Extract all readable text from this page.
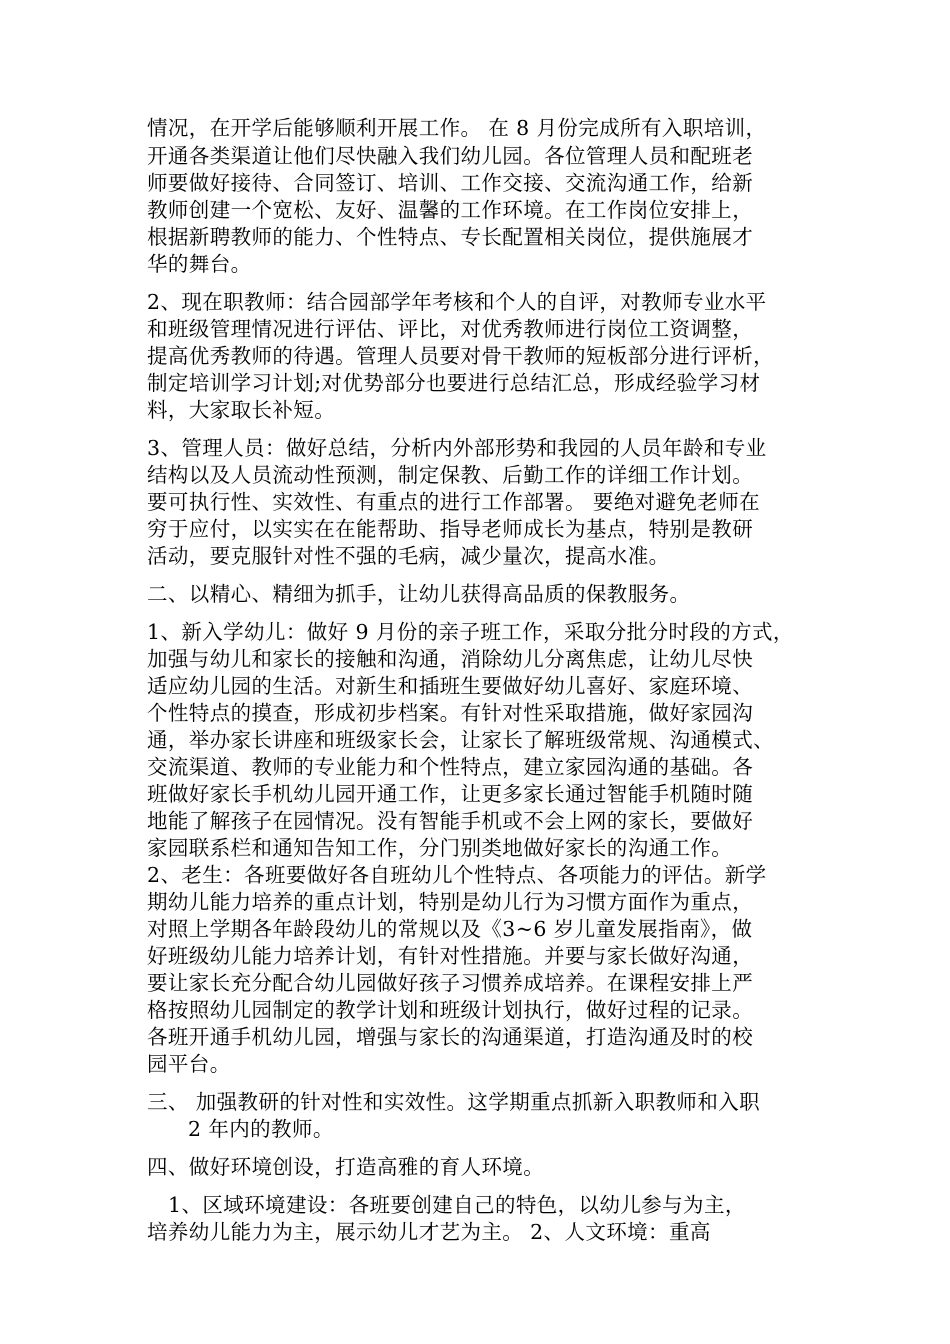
情况，在开学后能够顺利开展工作。 在 8 月份完成所有入职培训，
开通各类渠道让他们尽快融入我们幼儿园。各位管理人员和配班老
师要做好接待、合同签订、培训、工作交接、交流沟通工作，给新
教师创建一个宽松、友好、温馨的工作环境。在工作岗位安排上，
根据新聘教师的能力、个性特点、专长配置相关岗位，提供施展才
华的舞台。
2、现在职教师：结合园部学年考核和个人的自评，对教师专业水平
和班级管理情况进行评估、评比，对优秀教师进行岗位工资调整，
提高优秀教师的待遇。管理人员要对骨干教师的短板部分进行评析，
制定培训学习计划;对优势部分也要进行总结汇总，形成经验学习材
料，大家取长补短。
3、管理人员：做好总结，分析内外部形势和我园的人员年龄和专业
结构以及人员流动性预测，制定保教、后勤工作的详细工作计划。
要可执行性、实效性、有重点的进行工作部署。 要绝对避免老师在
穷于应付，以实实在在能帮助、指导老师成长为基点，特别是教研
活动，要克服针对性不强的毛病，减少量次，提高水准。
二、以精心、精细为抓手，让幼儿获得高品质的保教服务。
1、新入学幼儿：做好 9 月份的亲子班工作，采取分批分时段的方式，
加强与幼儿和家长的接触和沟通，消除幼儿分离焦虑，让幼儿尽快
适应幼儿园的生活。对新生和插班生要做好幼儿喜好、家庭环境、
个性特点的摸查，形成初步档案。有针对性采取措施，做好家园沟
通，举办家长讲座和班级家长会，让家长了解班级常规、沟通模式、
交流渠道、教师的专业能力和个性特点，建立家园沟通的基础。各
班做好家长手机幼儿园开通工作，让更多家长通过智能手机随时随
地能了解孩子在园情况。没有智能手机或不会上网的家长，要做好
家园联系栏和通知告知工作，分门别类地做好家长的沟通工作。
2、老生：各班要做好各自班幼儿个性特点、各项能力的评估。新学
期幼儿能力培养的重点计划，特别是幼儿行为习惯方面作为重点，
对照上学期各年龄段幼儿的常规以及《3~6 岁儿童发展指南》，做
好班级幼儿能力培养计划，有针对性措施。并要与家长做好沟通，
要让家长充分配合幼儿园做好孩子习惯养成培养。在课程安排上严
格按照幼儿园制定的教学计划和班级计划执行，做好过程的记录。
各班开通手机幼儿园，增强与家长的沟通渠道，打造沟通及时的校
园平台。
三、 加强教研的针对性和实效性。这学期重点抓新入职教师和入职
2 年内的教师。
四、做好环境创设，打造高雅的育人环境。
1、区域环境建设：各班要创建自己的特色，以幼儿参与为主，
培养幼儿能力为主，展示幼儿才艺为主。 2、人文环境：重高
